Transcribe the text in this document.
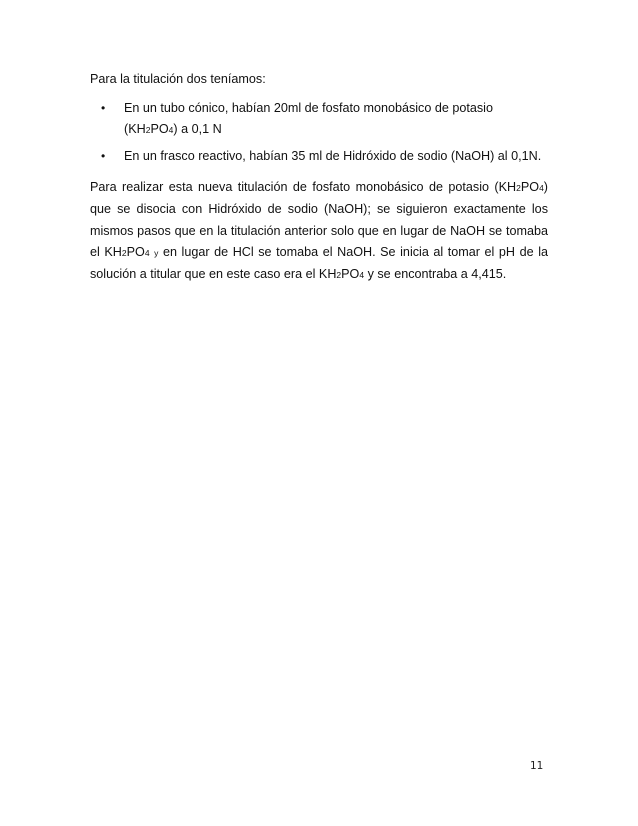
Para la titulación dos teníamos:

• En un tubo cónico, habían 20ml de fosfato monobásico de potasio (KH2PO4) a 0,1 N
• En un frasco reactivo, habían 35 ml de Hidróxido de sodio (NaOH) al 0,1N.

Para realizar esta nueva titulación de fosfato monobásico de potasio (KH2PO4) que se disocia con Hidróxido de sodio (NaOH); se siguieron exactamente los mismos pasos que en la titulación anterior solo que en lugar de NaOH se tomaba el KH2PO4 y en lugar de HCl se tomaba el NaOH. Se inicia al tomar el pH de la solución a titular que en este caso era el KH2PO4 y se encontraba a 4,415.

11
